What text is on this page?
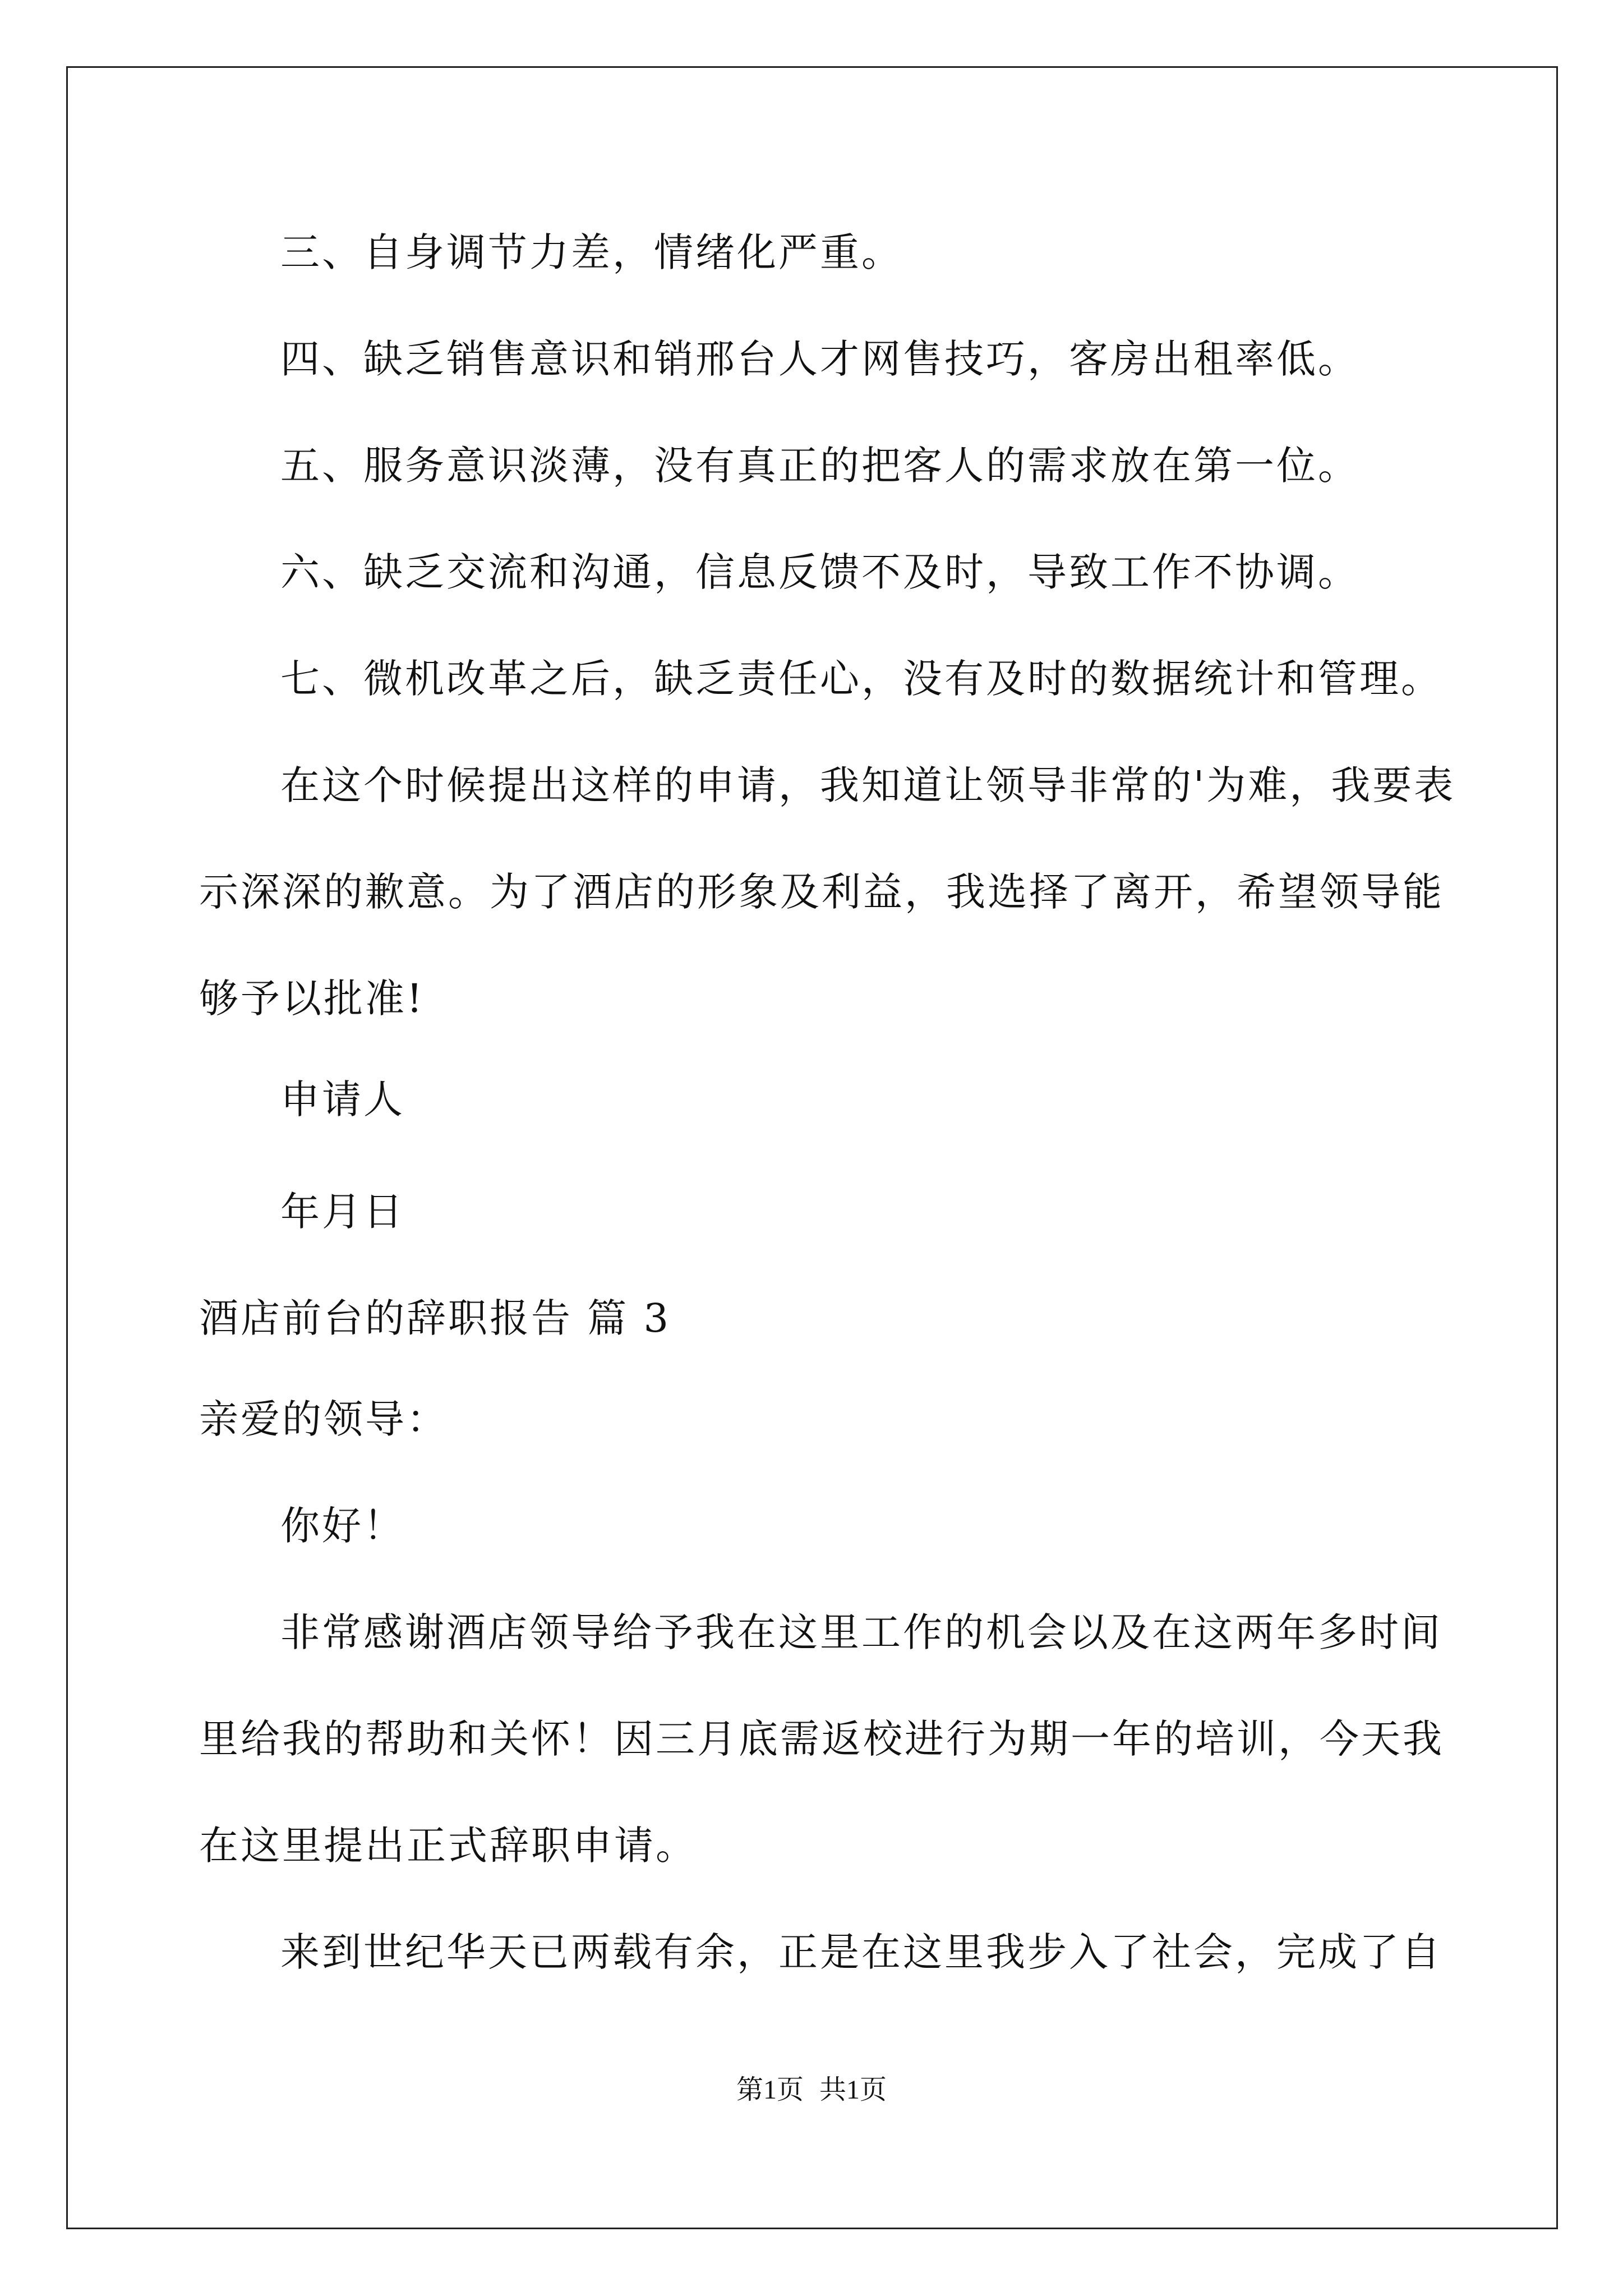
三、自身调节力差，情绪化严重。
四、缺乏销售意识和销邢台人才网售技巧，客房出租率低。
五、服务意识淡薄，没有真正的把客人的需求放在第一位。
六、缺乏交流和沟通，信息反馈不及时，导致工作不协调。
七、微机改革之后，缺乏责任心，没有及时的数据统计和管理。
在这个时候提出这样的申请，我知道让领导非常的'为难，我要表
示深深的歉意。为了酒店的形象及利益，我选择了离开，希望领导能
够予以批准!
申请人
年月日
酒店前台的辞职报告 篇 3
亲爱的领导：
你好！
非常感谢酒店领导给予我在这里工作的机会以及在这两年多时间
里给我的帮助和关怀！因三月底需返校进行为期一年的培训，今天我
在这里提出正式辞职申请。
来到世纪华天已两载有余，正是在这里我步入了社会，完成了自
第1页 共1页
